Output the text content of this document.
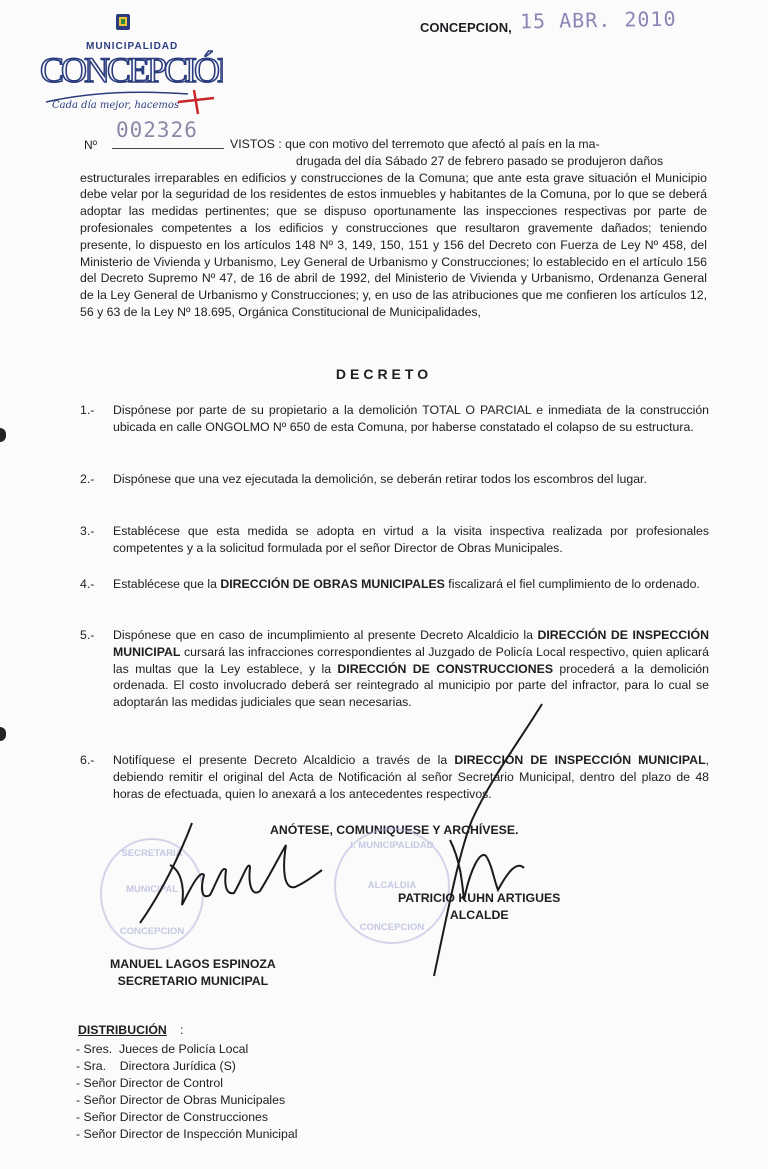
MUNICIPALIDAD
CONCEPCIÓN
Cada día mejor, hacemos
CONCEPCION, 15 ABR. 2010
Nº
002326
VISTOS : que con motivo del terremoto que afectó al país en la ma-
drugada del día Sábado 27 de febrero pasado se produjeron daños
estructurales irreparables en edificios y construcciones de la Comuna; que ante esta grave situación el Municipio debe velar por la seguridad de los residentes de estos inmuebles y habitantes de la Comuna, por lo que se deberá adoptar las medidas pertinentes; que se dispuso oportunamente las inspecciones respectivas por parte de profesionales competentes a los edificios y construcciones que resultaron gravemente dañados; teniendo presente, lo dispuesto en los artículos 148 Nº 3, 149, 150, 151 y 156 del Decreto con Fuerza de Ley Nº 458, del Ministerio de Vivienda y Urbanismo, Ley General de Urbanismo y Construcciones; lo establecido en el artículo 156 del Decreto Supremo Nº 47, de 16 de abril de 1992, del Ministerio de Vivienda y Urbanismo, Ordenanza General de la Ley General de Urbanismo y Construcciones; y, en uso de las atribuciones que me confieren los artículos 12, 56 y 63 de la Ley Nº 18.695, Orgánica Constitucional de Municipalidades,
DECRETO
1.-	Dispónese por parte de su propietario a la demolición TOTAL O PARCIAL e inmediata de la construcción ubicada en calle ONGOLMO Nº 650 de esta Comuna, por haberse constatado el colapso de su estructura.
2.-	Dispónese que una vez ejecutada la demolición, se deberán retirar todos los escombros del lugar.
3.-	Establécese que esta medida se adopta en virtud a la visita inspectiva realizada por profesionales competentes y a la solicitud formulada por el señor Director de Obras Municipales.
4.-	Establécese que la DIRECCIÓN DE OBRAS MUNICIPALES fiscalizará el fiel cumplimiento de lo ordenado.
5.-	Dispónese que en caso de incumplimiento al presente Decreto Alcaldicio la DIRECCIÓN DE INSPECCIÓN MUNICIPAL cursará las infracciones correspondientes al Juzgado de Policía Local respectivo, quien aplicará las multas que la Ley establece, y la DIRECCIÓN DE CONSTRUCCIONES procederá a la demolición ordenada. El costo involucrado deberá ser reintegrado al municipio por parte del infractor, para lo cual se adoptarán las medidas judiciales que sean necesarias.
6.-	Notifíquese el presente Decreto Alcaldicio a través de la DIRECCIÓN DE INSPECCIÓN MUNICIPAL, debiendo remitir el original del Acta de Notificación al señor Secretario Municipal, dentro del plazo de 48 horas de efectuada, quien lo anexará a los antecedentes respectivos.
ANÓTESE, COMUNIQUESE Y ARCHÍVESE.
SECRETARIA
MUNICIPAL
CONCEPCION
I. MUNICIPALIDAD
ALCALDIA
CONCEPCION
MANUEL LAGOS ESPINOZA
SECRETARIO MUNICIPAL
PATRICIO KUHN ARTIGUES
ALCALDE
DISTRIBUCIÓN :
- Sres.  Jueces de Policía Local
- Sra.    Directora Jurídica (S)
- Señor Director de Control
- Señor Director de Obras Municipales
- Señor Director de Construcciones
- Señor Director de Inspección Municipal
